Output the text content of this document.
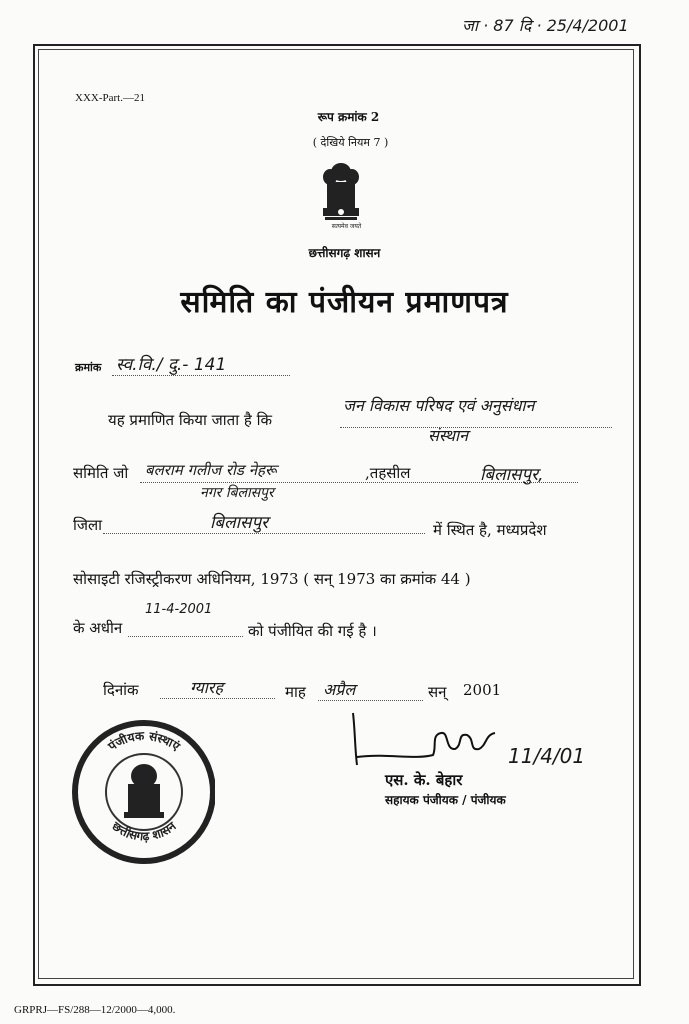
जा · 87 दि · 25/4/2001
XXX-Part.—21
रूप क्रमांक 2
( देखिये नियम 7 )
सत्यमेव जयते
छत्तीसगढ़ शासन
समिति का पंजीयन प्रमाणपत्र
क्रमांक स्व.वि./ दु.- 141
यह प्रमाणित किया जाता है कि
जन विकास परिषद एवं अनुसंधान
संस्थान
समिति जो बलराम गलीज रोड नेहरू	,तहसील	बिलासपुर,
नगर बिलासपुर
जिला	बिलासपुर	में स्थित है, मध्यप्रदेश
सोसाइटी रजिस्ट्रीकरण अधिनियम, 1973 ( सन् 1973 का क्रमांक 44 )
के अधीन
11-4-2001
को पंजीयित की गई है ।
दिनांक	ग्यारह	माह अप्रैल	सन् 2001
पंजीयक संस्थाएं
छत्तीसगढ़ शासन
11/4/01
एस. के. बेहार
सहायक पंजीयक / पंजीयक
GRPRJ—FS/288—12/2000—4,000.
